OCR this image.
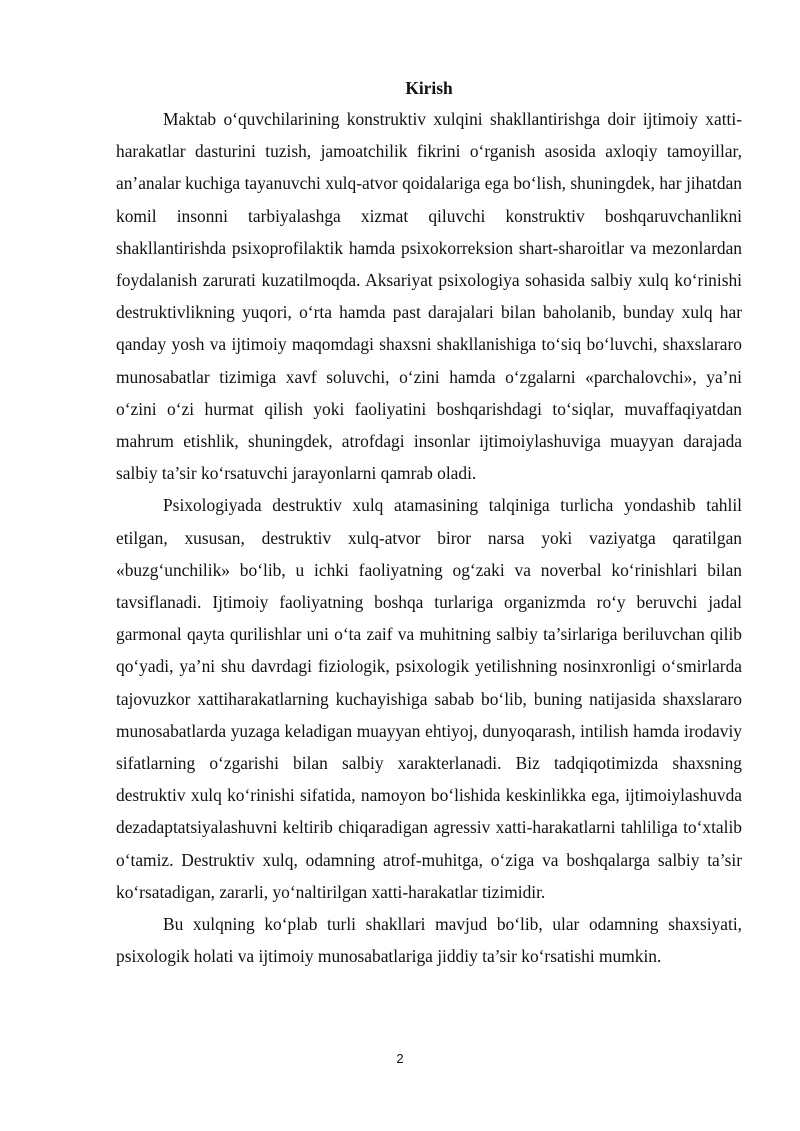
Kirish

Maktab o‘quvchilarining konstruktiv xulqini shakllantirishga doir ijtimoiy xatti-harakatlar dasturini tuzish, jamoatchilik fikrini o‘rganish asosida axloqiy tamoyillar, an’analar kuchiga tayanuvchi xulq-atvor qoidalariga ega bo‘lish, shuningdek, har jihatdan komil insonni tarbiyalashga xizmat qiluvchi konstruktiv boshqaruvchanlikni shakllantirishda psixoprofilaktik hamda psixokorreksion shart-sharoitlar va mezonlardan foydalanish zarurati kuzatilmoqda. Aksariyat psixologiya sohasida salbiy xulq ko‘rinishi destruktivlikning yuqori, o‘rta hamda past darajalari bilan baholanib, bunday xulq har qanday yosh va ijtimoiy maqomdagi shaxsni shakllanishiga to‘siq bo‘luvchi, shaxslararo munosabatlar tizimiga xavf soluvchi, o‘zini hamda o‘zgalarni «parchalovchi», ya’ni o‘zini o‘zi hurmat qilish yoki faoliyatini boshqarishdagi to‘siqlar, muvaffaqiyatdan mahrum etishlik, shuningdek, atrofdagi insonlar ijtimoiylashuviga muayyan darajada salbiy ta’sir ko‘rsatuvchi jarayonlarni qamrab oladi.

Psixologiyada destruktiv xulq atamasining talqiniga turlicha yondashib tahlil etilgan, xususan, destruktiv xulq-atvor biror narsa yoki vaziyatga qaratilgan «buzg‘unchilik» bo‘lib, u ichki faoliyatning og‘zaki va noverbal ko‘rinishlari bilan tavsiflanadi. Ijtimoiy faoliyatning boshqa turlariga organizmda ro‘y beruvchi jadal garmonal qayta qurilishlar uni o‘ta zaif va muhitning salbiy ta’sirlariga beriluvchan qilib qo‘yadi, ya’ni shu davrdagi fiziologik, psixologik yetilishning nosinxronligi o‘smirlarda tajovuzkor xattiharakatlarning kuchayishiga sabab bo‘lib, buning natijasida shaxslararo munosabatlarda yuzaga keladigan muayyan ehtiyoj, dunyoqarash, intilish hamda irodaviy sifatlarning o‘zgarishi bilan salbiy xarakterlanadi. Biz tadqiqotimizda shaxsning destruktiv xulq ko‘rinishi sifatida, namoyon bo‘lishida keskinlikka ega, ijtimoiylashuvda dezadaptatsiyalashuvni keltirib chiqaradigan agressiv xatti-harakatlarni tahliliga to‘xtalib o‘tamiz. Destruktiv xulq, odamning atrof-muhitga, o‘ziga va boshqalarga salbiy ta’sir ko‘rsatadigan, zararli, yo‘naltirilgan xatti-harakatlar tizimidir.

Bu xulqning ko‘plab turli shakllari mavjud bo‘lib, ular odamning shaxsiyati, psixologik holati va ijtimoiy munosabatlariga jiddiy ta’sir ko‘rsatishi mumkin.

2
